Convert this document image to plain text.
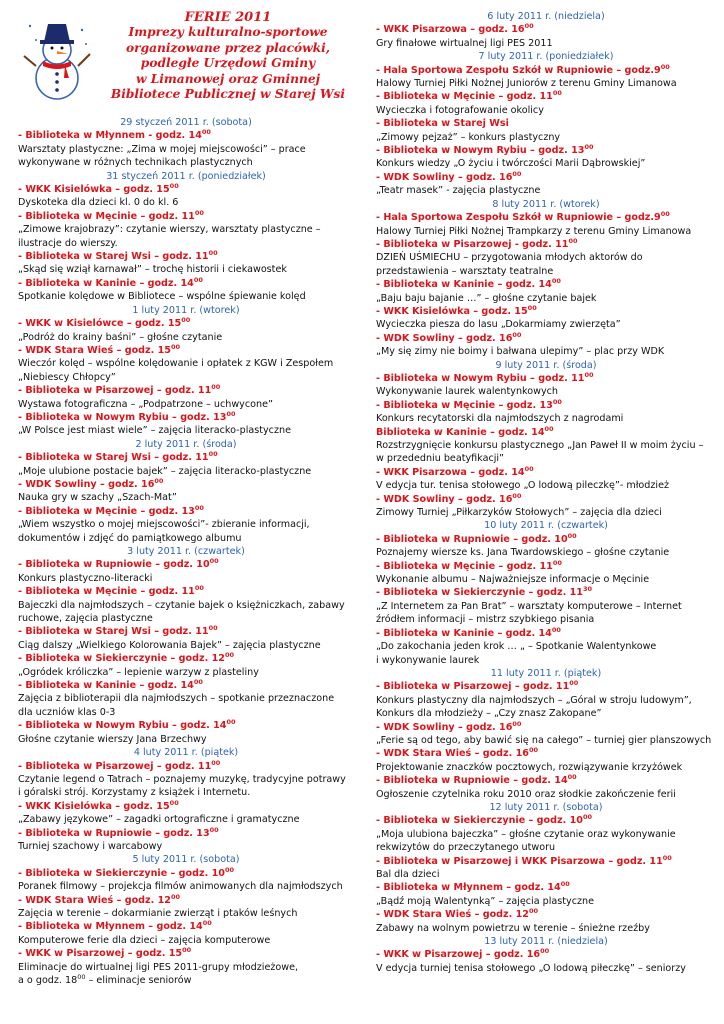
FERIE 2011
Imprezy kulturalno-sportowe
organizowane przez placówki,
podległe Urzędowi Gminy
w Limanowej oraz Gminnej
Bibliotece Publicznej w Starej Wsi
29 styczeń 2011 r. (sobota)
- Biblioteka w Młynnem - godz. $14^{00}$
Warsztaty plastyczne: „Zima w mojej miejscowości” – prace
wykonywane w różnych technikach plastycznych
31 styczeń 2011 r. (poniedziałek)
- WKK Kisielówka – godz. $15^{00}$
Dyskoteka dla dzieci kl. 0 do kl. 6
- Biblioteka w Męcinie – godz. $11^{00}$
„Zimowe krajobrazy”: czytanie wierszy, warsztaty plastyczne –
ilustracje do wierszy.
- Biblioteka w Starej Wsi – godz. $11^{00}$
„Skąd się wziął karnawał” – trochę historii i ciekawostek
- Biblioteka w Kaninie – godz. $14^{00}$
Spotkanie kolędowe w Bibliotece – wspólne śpiewanie kolęd
1 luty 2011 r. (wtorek)
- WKK w Kisielówce – godz. $15^{00}$
„Podróż do krainy baśni” – głośne czytanie
- WDK Stara Wieś – godz. $15^{00}$
Wieczór kolęd – wspólne kolędowanie i opłatek z KGW i Zespołem
„Niebiescy Chłopcy”
- Biblioteka w Pisarzowej – godz. $11^{00}$
Wystawa fotograficzna – „Podpatrzone – uchwycone”
- Biblioteka w Nowym Rybiu – godz. $13^{00}$
„W Polsce jest miast wiele” – zajęcia literacko-plastyczne
2 luty 2011 r. (środa)
- Biblioteka w Starej Wsi – godz. $11^{00}$
„Moje ulubione postacie bajek” – zajęcia literacko-plastyczne
- WDK Sowliny – godz. $16^{00}$
Nauka gry w szachy „Szach-Mat”
- Biblioteka w Męcinie – godz. $13^{00}$
„Wiem wszystko o mojej miejscowości”- zbieranie informacji,
dokumentów i zdjęć do pamiątkowego albumu
3 luty 2011 r. (czwartek)
- Biblioteka w Rupniowie – godz. $10^{00}$
Konkurs plastyczno-literacki
- Biblioteka w Męcinie – godz. $11^{00}$
Bajeczki dla najmłodszych – czytanie bajek o księżniczkach, zabawy
ruchowe, zajęcia plastyczne
- Biblioteka w Starej Wsi – godz. $11^{00}$
Ciąg dalszy „Wielkiego Kolorowania Bajek” – zajęcia plastyczne
- Biblioteka w Siekierczynie – godz. $12^{00}$
„Ogródek króliczka” – lepienie warzyw z plasteliny
- Biblioteka w Kaninie – godz. $14^{00}$
Zajęcia z biblioterapii dla najmłodszych – spotkanie przeznaczone
dla uczniów klas 0-3
- Biblioteka w Nowym Rybiu – godz. $14^{00}$
Głośne czytanie wierszy Jana Brzechwy
4 luty 2011 r. (piątek)
- Biblioteka w Pisarzowej – godz. $11^{00}$
Czytanie legend o Tatrach – poznajemy muzykę, tradycyjne potrawy
i góralski strój. Korzystamy z książek i Internetu.
- WKK Kisielówka – godz. $15^{00}$
„Zabawy językowe” – zagadki ortograficzne i gramatyczne
- Biblioteka w Rupniowie – godz. $13^{00}$
Turniej szachowy i warcabowy
5 luty 2011 r. (sobota)
- Biblioteka w Siekierczynie – godz. $10^{00}$
Poranek filmowy – projekcja filmów animowanych dla najmłodszych
- WDK Stara Wieś – godz. $12^{00}$
Zajęcia w terenie – dokarmianie zwierząt i ptaków leśnych
- Biblioteka w Młynnem – godz. $14^{00}$
Komputerowe ferie dla dzieci – zajęcia komputerowe
- WKK w Pisarzowej – godz. $15^{00}$
Eliminacje do wirtualnej ligi PES 2011-grupy młodzieżowe,
a o godz. $18^{00}$ – eliminacje seniorów
6 luty 2011 r. (niedziela)
- WKK Pisarzowa – godz. $16^{00}$
Gry finałowe wirtualnej ligi PES 2011
7 luty 2011 r. (poniedziałek)
- Hala Sportowa Zespołu Szkół w Rupniowie – $godz.9^{00}$
Halowy Turniej Piłki Nożnej Juniorów z terenu Gminy Limanowa
- Biblioteka w Męcinie – godz. $11^{00}$
Wycieczka i fotografowanie okolicy
- Biblioteka w Starej Wsi
„Zimowy pejzaż” – konkurs plastyczny
- Biblioteka w Nowym Rybiu – godz. $13^{00}$
Konkurs wiedzy „O życiu i twórczości Marii Dąbrowskiej”
- WDK Sowliny – godz. $16^{00}$
„Teatr masek” - zajęcia plastyczne
8 luty 2011 r. (wtorek)
- Hala Sportowa Zespołu Szkół w Rupniowie – $godz.9^{00}$
Halowy Turniej Piłki Nożnej Trampkarzy z terenu Gminy Limanowa
- Biblioteka w Pisarzowej - godz. $11^{00}$
DZIEŃ UŚMIECHU – przygotowania młodych aktorów do
przedstawienia – warsztaty teatralne
- Biblioteka w Kaninie – godz. $14^{00}$
„Baju baju bajanie …” – głośne czytanie bajek
- WKK Kisielówka – godz. $15^{00}$
Wycieczka piesza do lasu „Dokarmiamy zwierzęta”
- WDK Sowliny – godz. $16^{00}$
„My się zimy nie boimy i bałwana ulepimy” – plac przy WDK
9 luty 2011 r. (środa)
- Biblioteka w Nowym Rybiu – godz. $11^{00}$
Wykonywanie laurek walentynkowych
- Biblioteka w Męcinie – godz. $13^{00}$
Konkurs recytatorski dla najmłodszych z nagrodami
Biblioteka w Kaninie – godz. $14^{00}$
Rozstrzygnięcie konkursu plastycznego „Jan Paweł II w moim życiu –
w przededniu beatyfikacji”
- WKK Pisarzowa – godz. $14^{00}$
V edycja tur. tenisa stołowego „O lodową pileczkę”- młodzież
- WDK Sowliny – godz. $16^{00}$
Zimowy Turniej „Piłkarzyków Stołowych” – zajęcia dla dzieci
10 luty 2011 r. (czwartek)
- Biblioteka w Rupniowie – godz. $10^{00}$
Poznajemy wiersze ks. Jana Twardowskiego – głośne czytanie
- Biblioteka w Męcinie – godz. $11^{00}$
Wykonanie albumu – Najważniejsze informacje o Męcinie
- Biblioteka w Siekierczynie – godz. $11^{30}$
„Z Internetem za Pan Brat” – warsztaty komputerowe – Internet
źródłem informacji – mistrz szybkiego pisania
- Biblioteka w Kaninie – godz. $14^{00}$
„Do zakochania jeden krok … „ – Spotkanie Walentynkowe
i wykonywanie laurek
11 luty 2011 r. (piątek)
- Biblioteka w Pisarzowej – godz. $11^{00}$
Konkurs plastyczny dla najmłodszych – „Góral w stroju ludowym”,
Konkurs dla młodzieży – „Czy znasz Zakopane”
- WDK Sowliny – godz. $16^{00}$
„Ferie są od tego, aby bawić się na całego” – turniej gier planszowych
- WDK Stara Wieś – godz. $16^{00}$
Projektowanie znaczków pocztowych, rozwiązywanie krzyżówek
- Biblioteka w Rupniowie – godz. $14^{00}$
Ogłoszenie czytelnika roku 2010 oraz słodkie zakończenie ferii
12 luty 2011 r. (sobota)
- Biblioteka w Siekierczynie – godz. $10^{00}$
„Moja ulubiona bajeczka” – głośne czytanie oraz wykonywanie
rekwizytów do przeczytanego utworu
- Biblioteka w Pisarzowej i WKK Pisarzowa – godz. $11^{00}$
Bal dla dzieci
- Biblioteka w Młynnem – godz. $14^{00}$
„Bądź moją Walentynką” – zajęcia plastyczne
- WDK Stara Wieś – godz. $12^{00}$
Zabawy na wolnym powietrzu w terenie – śnieżne rzeźby
13 luty 2011 r. (niedziela)
- WKK w Pisarzowej – godz. $16^{00}$
V edycja turniej tenisa stołowego „O lodową piłeczkę” – seniorzy
